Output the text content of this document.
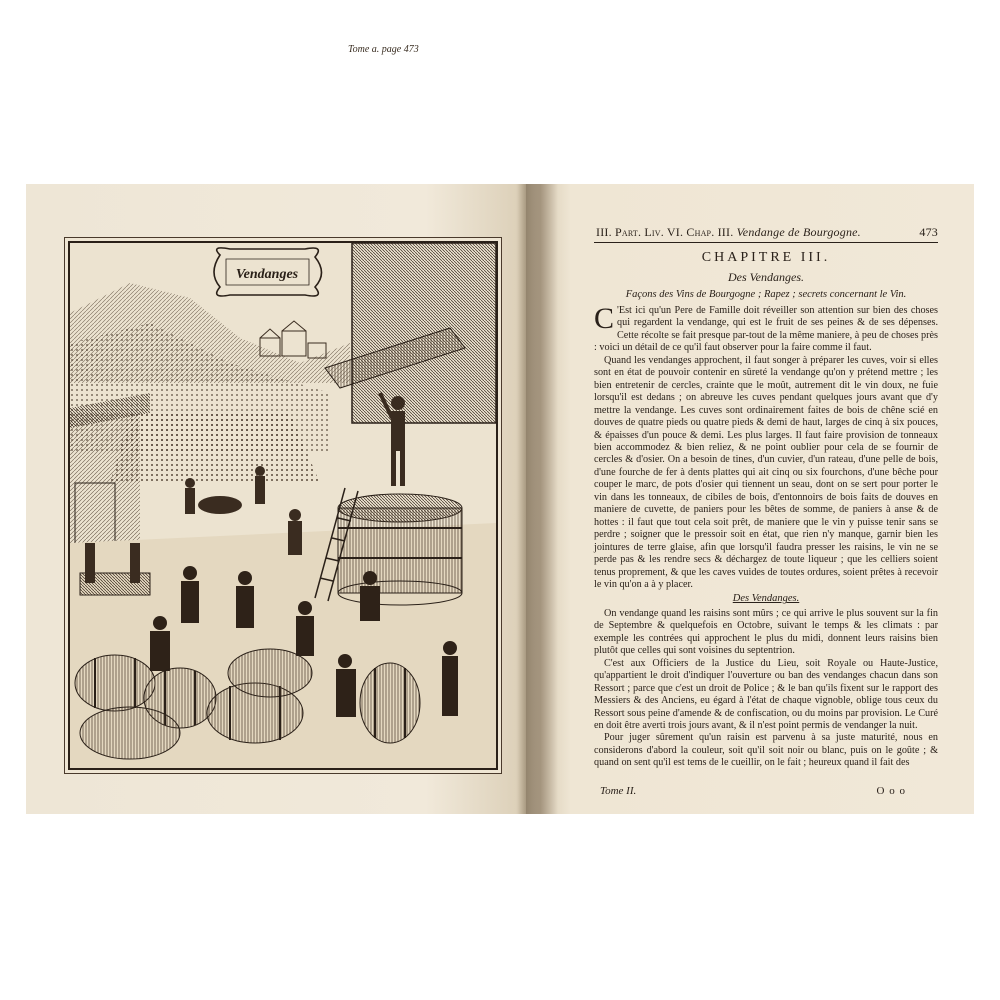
Tome a. page 473
Vendanges
III. Part. Liv. VI. Chap. III. Vendange de Bourgogne.	473
CHAPITRE III.
Des Vendanges.
Façons des Vins de Bourgogne ; Rapez ; secrets concernant le Vin.

C 'Est ici qu'un Pere de Famille doit réveiller son attention sur bien des choses qui regardent la vendange, qui est le fruit de ses peines & de ses dépenses. Cette récolte se fait presque par-tout de la même maniere, à peu de choses près : voici un détail de ce qu'il faut observer pour la faire comme il faut.

Quand les vendanges approchent, il faut songer à préparer les cuves, voir si elles sont en état de pouvoir contenir en sûreté la vendange qu'on y prétend mettre ; les bien entretenir de cercles, crainte que le moût, autrement dit le vin doux, ne fuie lorsqu'il est dedans ; on abreuve les cuves pendant quelques jours avant que d'y mettre la vendange. Les cuves sont ordinairement faites de bois de chêne scié en douves de quatre pieds ou quatre pieds & demi de haut, larges de cinq à six pouces, & épaisses d'un pouce & demi. Les plus larges. Il faut faire provision de tonneaux bien accommodez & bien reliez, & ne point oublier pour cela de se fournir de cercles & d'osier. On a besoin de tines, d'un cuvier, d'un rateau, d'une pelle de bois, d'une fourche de fer à dents plattes qui ait cinq ou six fourchons, d'une bêche pour couper le marc, de pots d'osier qui tiennent un seau, dont on se sert pour porter le vin dans les tonneaux, de cibiles de bois, d'entonnoirs de bois faits de douves en maniere de cuvette, de paniers pour les bêtes de somme, de paniers à anse & de hottes : il faut que tout cela soit prêt, de maniere que le vin y puisse tenir sans se perdre ; soigner que le pressoir soit en état, que rien n'y manque, garnir bien les jointures de terre glaise, afin que lorsqu'il faudra presser les raisins, le vin ne se perde pas & les rendre secs & déchargez de toute liqueur ; que les celliers soient tenus proprement, & que les caves vuides de toutes ordures, soient prêtes à recevoir le vin qu'on a à y placer.

Des Vendanges.

On vendange quand les raisins sont mûrs ; ce qui arrive le plus souvent sur la fin de Septembre & quelquefois en Octobre, suivant le temps & les climats : par exemple les contrées qui approchent le plus du midi, donnent leurs raisins bien plutôt que celles qui sont voisines du septentrion.

C'est aux Officiers de la Justice du Lieu, soit Royale ou Haute-Justice, qu'appartient le droit d'indiquer l'ouverture ou ban des vendanges chacun dans son Ressort ; parce que c'est un droit de Police ; & le ban qu'ils fixent sur le rapport des Messiers & des Anciens, eu égard à l'état de chaque vignoble, oblige tous ceux du Ressort sous peine d'amende & de confiscation, ou du moins par provision. Le Curé en doit être averti trois jours avant, & il n'est point permis de vendanger la nuit.

Pour juger sûrement qu'un raisin est parvenu à sa juste maturité, nous en considerons d'abord la couleur, soit qu'il soit noir ou blanc, puis on le goûte ; & quand on sent qu'il est tems de le cueillir, on le fait ; heureux quand il fait des

Tome II.	O o o
